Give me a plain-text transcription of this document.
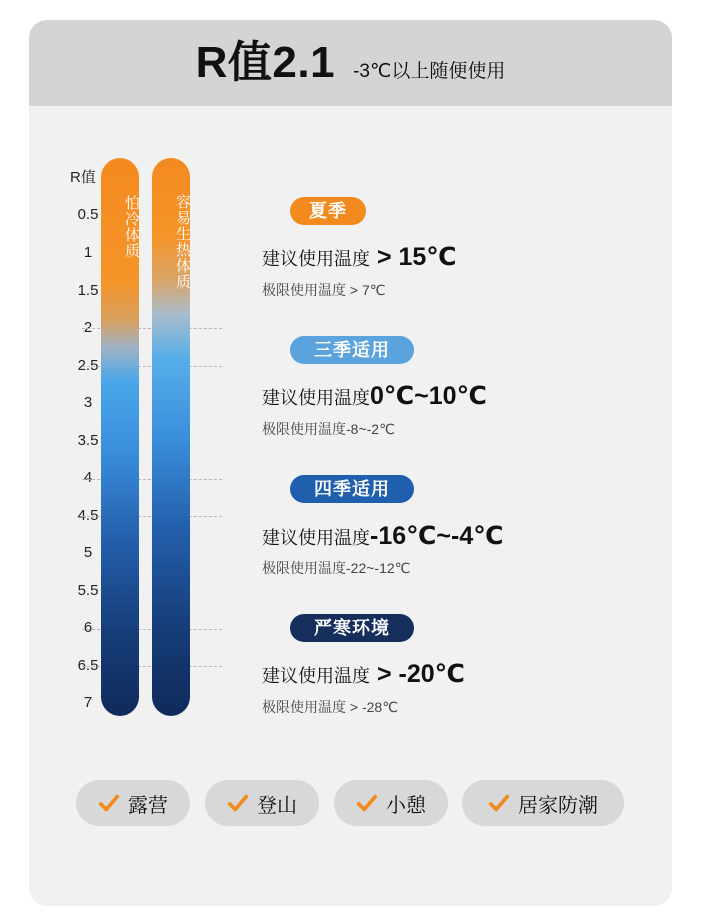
R值2.1 -3℃以上随便使用
R值
0.5
1
1.5
2
2.5
3
3.5
4
4.5
5
5.5
6
6.5
7
怕冷体质	容易生热体质	夏季
建议使用温度 > 15℃
极限使用温度 > 7℃
三季适用
建议使用温度0℃~10℃
极限使用温度-8~-2℃
四季适用
建议使用温度-16℃~-4℃
极限使用温度-22~-12℃
严寒环境
建议使用温度 > -20℃
极限使用温度 > -28℃
露营	登山	小憩	居家防潮
